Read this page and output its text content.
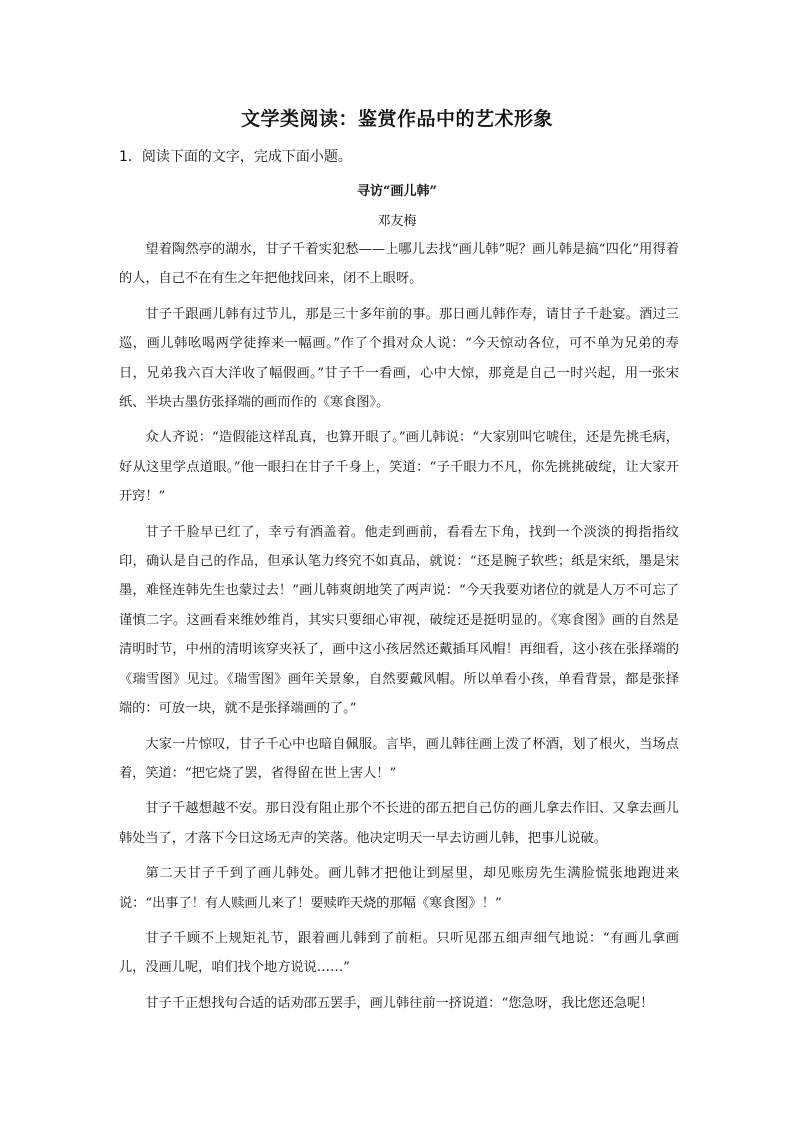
文学类阅读：鉴赏作品中的艺术形象
1．阅读下面的文字，完成下面小题。
寻访“画儿韩”
邓友梅

望着陶然亭的湖水，甘子千着实犯愁——上哪儿去找“画儿韩”呢？画儿韩是搞“四化”用得着的人，自己不在有生之年把他找回来，闭不上眼呀。

甘子千跟画儿韩有过节儿，那是三十多年前的事。那日画儿韩作寿，请甘子千赴宴。酒过三巡，画儿韩吆喝两学徒捧来一幅画。”作了个揖对众人说：“今天惊动各位，可不单为兄弟的寿日，兄弟我六百大洋收了幅假画。”甘子千一看画，心中大惊，那竟是自己一时兴起，用一张宋纸、半块古墨仿张择端的画而作的《寒食图》。

众人齐说：“造假能这样乱真，也算开眼了。”画儿韩说：“大家别叫它唬住，还是先挑毛病，好从这里学点道眼。”他一眼扫在甘子千身上，笑道：“子千眼力不凡，你先挑挑破绽，让大家开开窍！”

甘子千脸早已红了，幸亏有酒盖着。他走到画前，看看左下角，找到一个淡淡的拇指指纹印，确认是自己的作品，但承认笔力终究不如真品，就说：“还是腕子软些；纸是宋纸，墨是宋墨，难怪连韩先生也蒙过去！”画儿韩爽朗地笑了两声说：“今天我要劝诸位的就是人万不可忘了谨慎二字。这画看来维妙维肖，其实只要细心审视，破绽还是挺明显的。《寒食图》画的自然是清明时节，中州的清明该穿夹袄了，画中这小孩居然还戴插耳风帽！再细看，这小孩在张择端的《瑞雪图》见过。《瑞雪图》画年关景象，自然要戴风帽。所以单看小孩，单看背景，都是张择端的：可放一块，就不是张择端画的了。”

大家一片惊叹，甘子千心中也暗自佩服。言毕，画儿韩往画上泼了杯酒，划了根火，当场点着，笑道：“把它烧了罢，省得留在世上害人！”

甘子千越想越不安。那日没有阻止那个不长进的邵五把自己仿的画儿拿去作旧、又拿去画儿韩处当了，才落下今日这场无声的笑落。他决定明天一早去访画儿韩，把事儿说破。

第二天甘子千到了画儿韩处。画儿韩才把他让到屋里，却见账房先生满脸慌张地跑进来说：“出事了！有人赎画儿来了！要赎昨天烧的那幅《寒食图》！”

甘子千顾不上规矩礼节，跟着画儿韩到了前柜。只听见邵五细声细气地说：“有画儿拿画儿，没画儿呢，咱们找个地方说说……”

甘子千正想找句合适的话劝邵五罢手，画儿韩往前一挤说道：“您急呀，我比您还急呢！
